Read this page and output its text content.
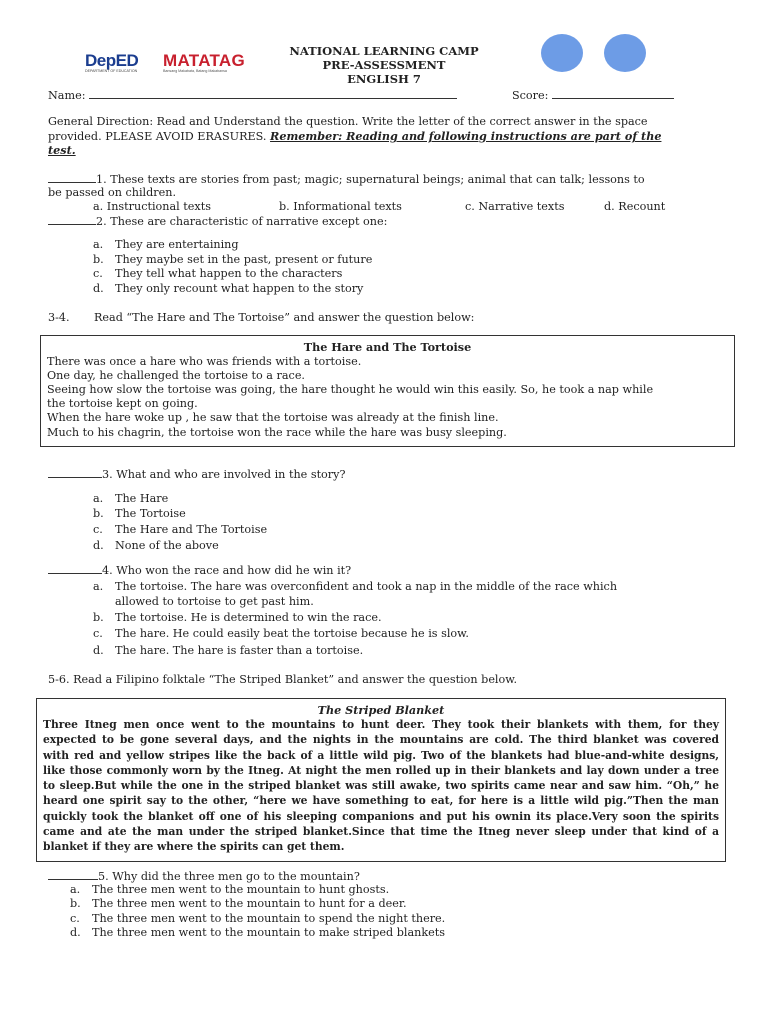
DepED
DEPARTMENT OF EDUCATION
MATATAG
Bansang Makabata, Batang Makabansa
NATIONAL LEARNING CAMP
PRE-ASSESSMENT
ENGLISH 7
Name:	Score:
General Direction: Read and Understand the question. Write the letter of the correct answer in the space
provided. PLEASE AVOID ERASURES. Remember: Reading and following instructions are part of the
test.
1. These texts are stories from past; magic; supernatural beings; animal that can talk; lessons to
be passed on children.
a. Instructional texts	b. Informational texts	c. Narrative texts	d. Recount
2. These are characteristic of narrative except one:
a. They are entertaining
b. They maybe set in the past, present or future
c. They tell what happen to the characters
d. They only recount what happen to the story
3-4. Read “The Hare and The Tortoise” and answer the question below:
The Hare and The Tortoise
There was once a hare who was friends with a tortoise.
One day, he challenged the tortoise to a race.
Seeing how slow the tortoise was going, the hare thought he would win this easily. So, he took a nap while
the tortoise kept on going.
When the hare woke up , he saw that the tortoise was already at the finish line.
Much to his chagrin, the tortoise won the race while the hare was busy sleeping.
3. What and who are involved in the story?
a. The Hare
b. The Tortoise
c. The Hare and The Tortoise
d. None of the above
4. Who won the race and how did he win it?
a. The tortoise. The hare was overconfident and took a nap in the middle of the race which
allowed to tortoise to get past him.
b. The tortoise. He is determined to win the race.
c. The hare. He could easily beat the tortoise because he is slow.
d. The hare. The hare is faster than a tortoise.
5-6. Read a Filipino folktale “The Striped Blanket” and answer the question below.
The Striped Blanket
Three Itneg men once went to the mountains to hunt deer. They took their blankets with them, for they
expected to be gone several days, and the nights in the mountains are cold. The third blanket was covered
with red and yellow stripes like the back of a little wild pig. Two of the blankets had blue-and-white designs,
like those commonly worn by the Itneg. At night the men rolled up in their blankets and lay down under a tree
to sleep.But while the one in the striped blanket was still awake, two spirits came near and saw him. “Oh,” he
heard one spirit say to the other, “here we have something to eat, for here is a little wild pig.”Then the man
quickly took the blanket off one of his sleeping companions and put his ownin its place.Very soon the spirits
came and ate the man under the striped blanket.Since that time the Itneg never sleep under that kind of a
blanket if they are where the spirits can get them.
5. Why did the three men go to the mountain?
a. The three men went to the mountain to hunt ghosts.
b. The three men went to the mountain to hunt for a deer.
c. The three men went to the mountain to spend the night there.
d. The three men went to the mountain to make striped blankets
